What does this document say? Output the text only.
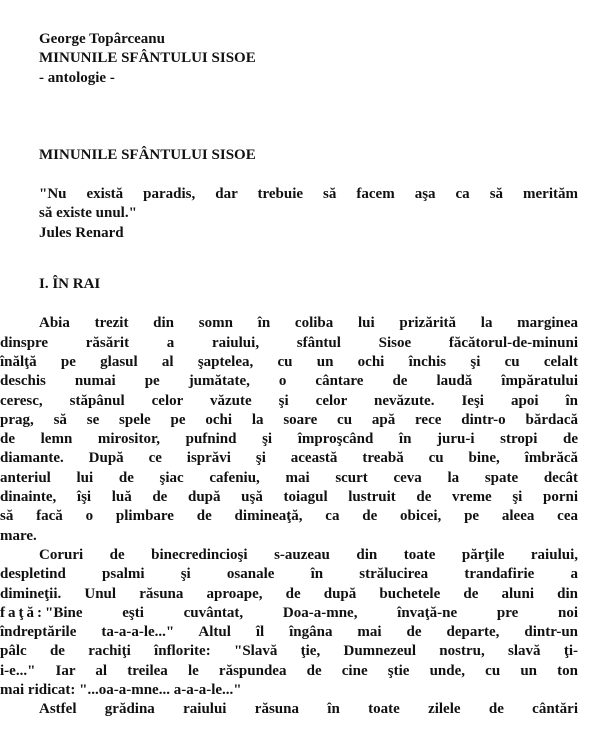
George Topârceanu
MINUNILE SFÂNTULUI SISOE
- antologie -
MINUNILE SFÂNTULUI SISOE
"Nu există paradis, dar trebuie să facem aşa ca să merităm
să existe unul."
Jules Renard
I. ÎN RAI
Abia trezit din somn în coliba lui prizărită la marginea
dinspre răsărit a raiului, sfântul Sisoe făcătorul-de-minuni
înălţă pe glasul al şaptelea, cu un ochi închis şi cu celalt
deschis numai pe jumătate, o cântare de laudă împăratului
ceresc, stăpânul celor văzute şi celor nevăzute. Ieşi apoi în
prag, să se spele pe ochi la soare cu apă rece dintr-o bărdacă
de lemn mirositor, pufnind şi împroşcând în juru-i stropi de
diamante. După ce isprăvi şi această treabă cu bine, îmbrăcă
anteriul lui de şiac cafeniu, mai scurt ceva la spate decât
dinainte, îşi luă de după uşă toiagul lustruit de vreme şi porni
să facă o plimbare de dimineaţă, ca de obicei, pe aleea cea
mare.
Coruri de binecredincioşi s-auzeau din toate părţile raiului,
despletind psalmi şi osanale în strălucirea trandafirie a
dimineţii. Unul răsuna aproape, de după buchetele de aluni din
faţă: "Bine eşti cuvântat, Doa-a-mne, învaţă-ne pre noi
îndreptările ta-a-a-le..." Altul îl îngâna mai de departe, dintr-un
pâlc de rachiţi înflorite: "Slavă ţie, Dumnezeul nostru, slavă ţi-
i-e..." Iar al treilea le răspundea de cine ştie unde, cu un ton
mai ridicat: "...oa-a-mne... a-a-a-le..."
Astfel grădina raiului răsuna în toate zilele de cântări
